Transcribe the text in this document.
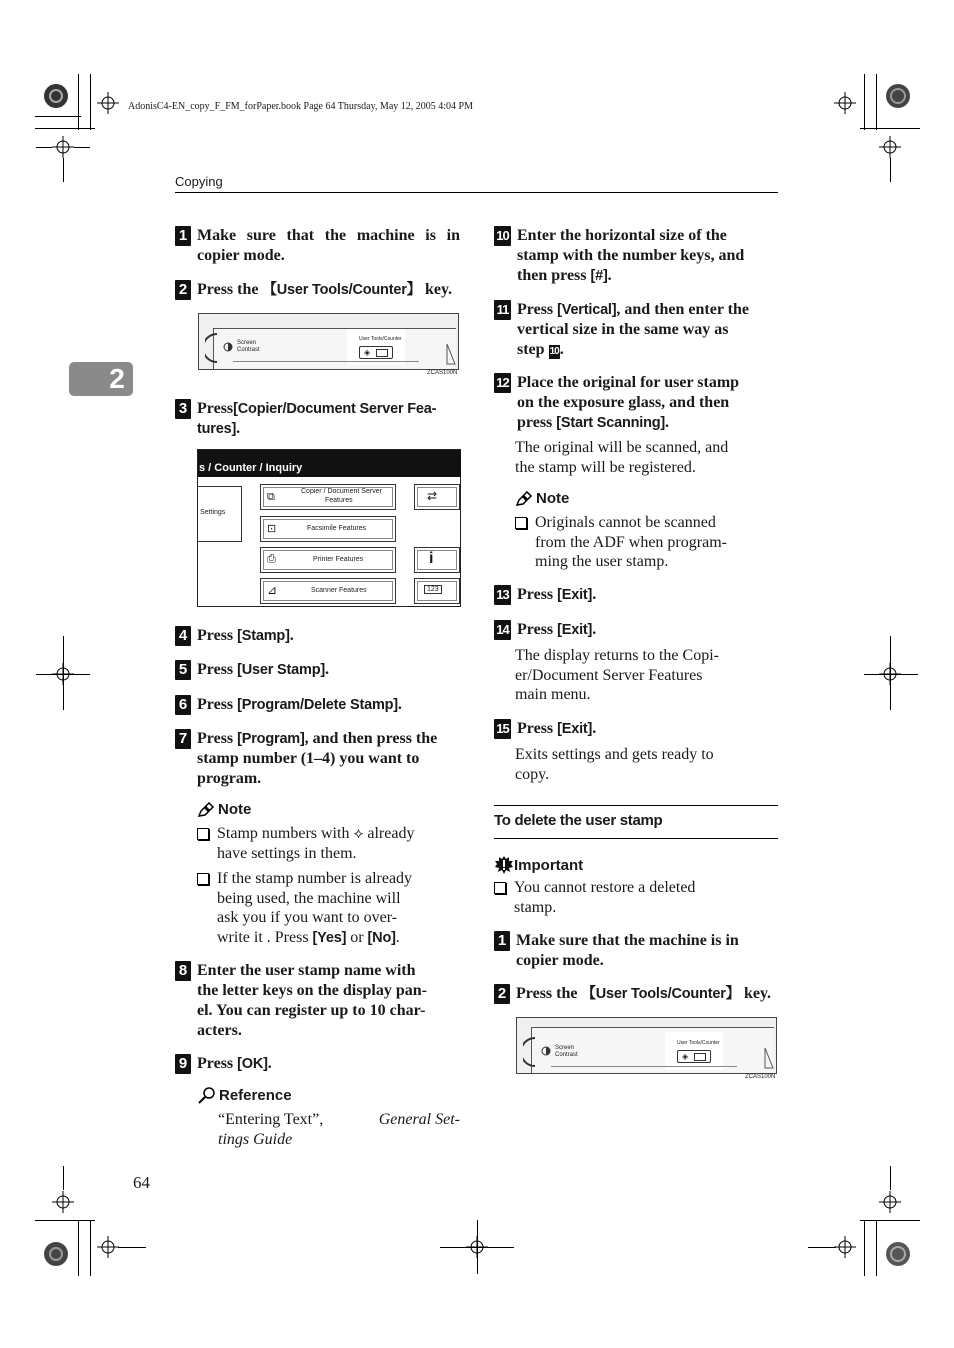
AdonisC4-EN_copy_F_FM_forPaper.book Page 64 Thursday, May 12, 2005 4:04 PM
Copying
2
1 Make sure that the machine is in copier mode.
2 Press the 【User Tools/Counter】 key.
Screen
Contrast
User Tools/Counter
◈
ZCAS100N
3 Press [Copier/Document Server Fea-
tures].
s / Counter / Inquiry
Settings
⧉	Copier / Document Server
Features
⊡	Facsimile Features
⎙	Printer Features
⊿	Scanner Features
⇄
i
123
4 Press [Stamp].
5 Press [User Stamp].
6 Press [Program/Delete Stamp].
7 Press [Program], and then press the
stamp number (1–4) you want to
program.
Note
Stamp numbers with ⟡ already
have settings in them.
If the stamp number is already
being used, the machine will
ask you if you want to over-
write it . Press [Yes] or [No].
8 Enter the user stamp name with
the letter keys on the display pan-
el. You can register up to 10 char-
acters.
9 Press [OK].
Reference
“Entering Text”,	General Set-
tings Guide
64
10 Enter the horizontal size of the
stamp with the number keys, and
then press [#].
11 Press [Vertical], and then enter the
vertical size in the same way as
step 10.
12 Place the original for user stamp
on the exposure glass, and then
press [Start Scanning].
The original will be scanned, and
the stamp will be registered.
Note
Originals cannot be scanned
from the ADF when program-
ming the user stamp.
13 Press [Exit].
14 Press [Exit].
The display returns to the Copi-
er/Document Server Features
main menu.
15 Press [Exit].
Exits settings and gets ready to
copy.
To delete the user stamp
Important
You cannot restore a deleted
stamp.
1 Make sure that the machine is in
copier mode.
2 Press the 【User Tools/Counter】 key.
Screen
Contrast
User Tools/Counter
◈
ZCAS100N
